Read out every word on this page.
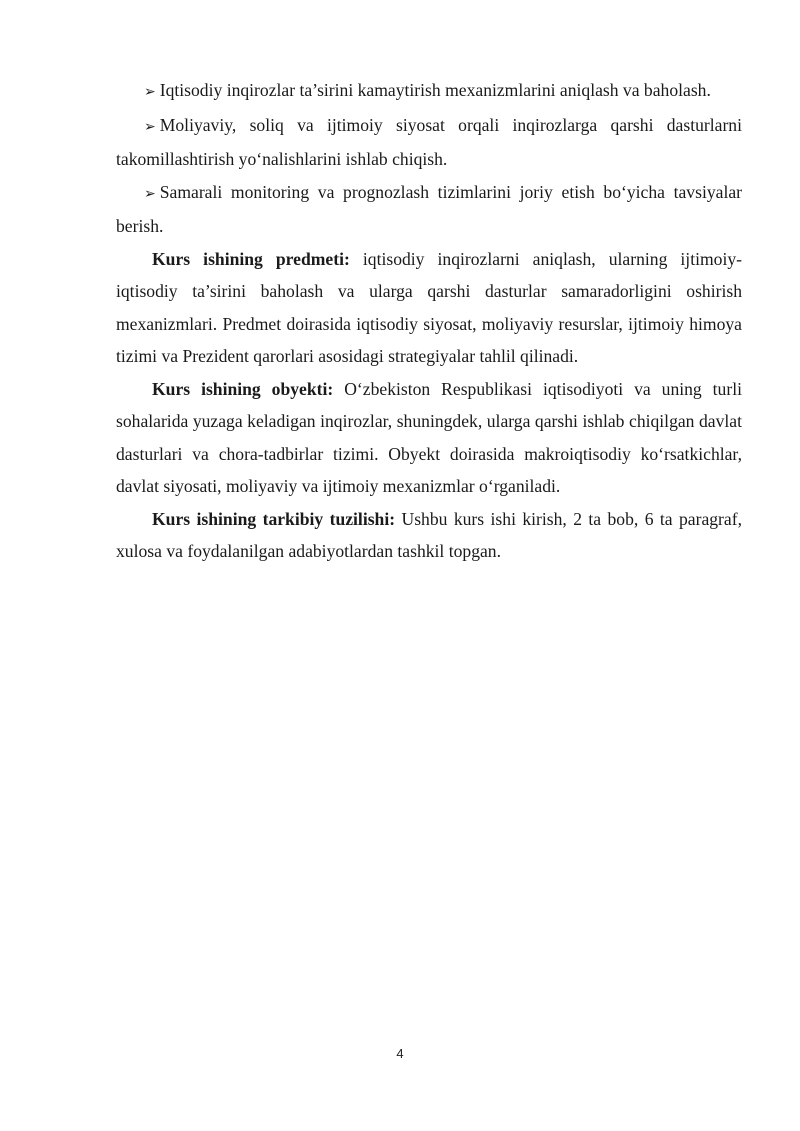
➢ Iqtisodiy inqirozlar ta’sirini kamaytirish mexanizmlarini aniqlash va baholash.

➢ Moliyaviy, soliq va ijtimoiy siyosat orqali inqirozlarga qarshi dasturlarni takomillashtirish yo‘nalishlarini ishlab chiqish.

➢ Samarali monitoring va prognozlash tizimlarini joriy etish bo‘yicha tavsiyalar berish.

Kurs ishining predmeti: iqtisodiy inqirozlarni aniqlash, ularning ijtimoiy-iqtisodiy ta’sirini baholash va ularga qarshi dasturlar samaradorligini oshirish mexanizmlari. Predmet doirasida iqtisodiy siyosat, moliyaviy resurslar, ijtimoiy himoya tizimi va Prezident qarorlari asosidagi strategiyalar tahlil qilinadi.

Kurs ishining obyekti: O‘zbekiston Respublikasi iqtisodiyoti va uning turli sohalarida yuzaga keladigan inqirozlar, shuningdek, ularga qarshi ishlab chiqilgan davlat dasturlari va chora-tadbirlar tizimi. Obyekt doirasida makroiqtisodiy ko‘rsatkichlar, davlat siyosati, moliyaviy va ijtimoiy mexanizmlar o‘rganiladi.

Kurs ishining tarkibiy tuzilishi: Ushbu kurs ishi kirish, 2 ta bob, 6 ta paragraf, xulosa va foydalanilgan adabiyotlardan tashkil topgan.

4
